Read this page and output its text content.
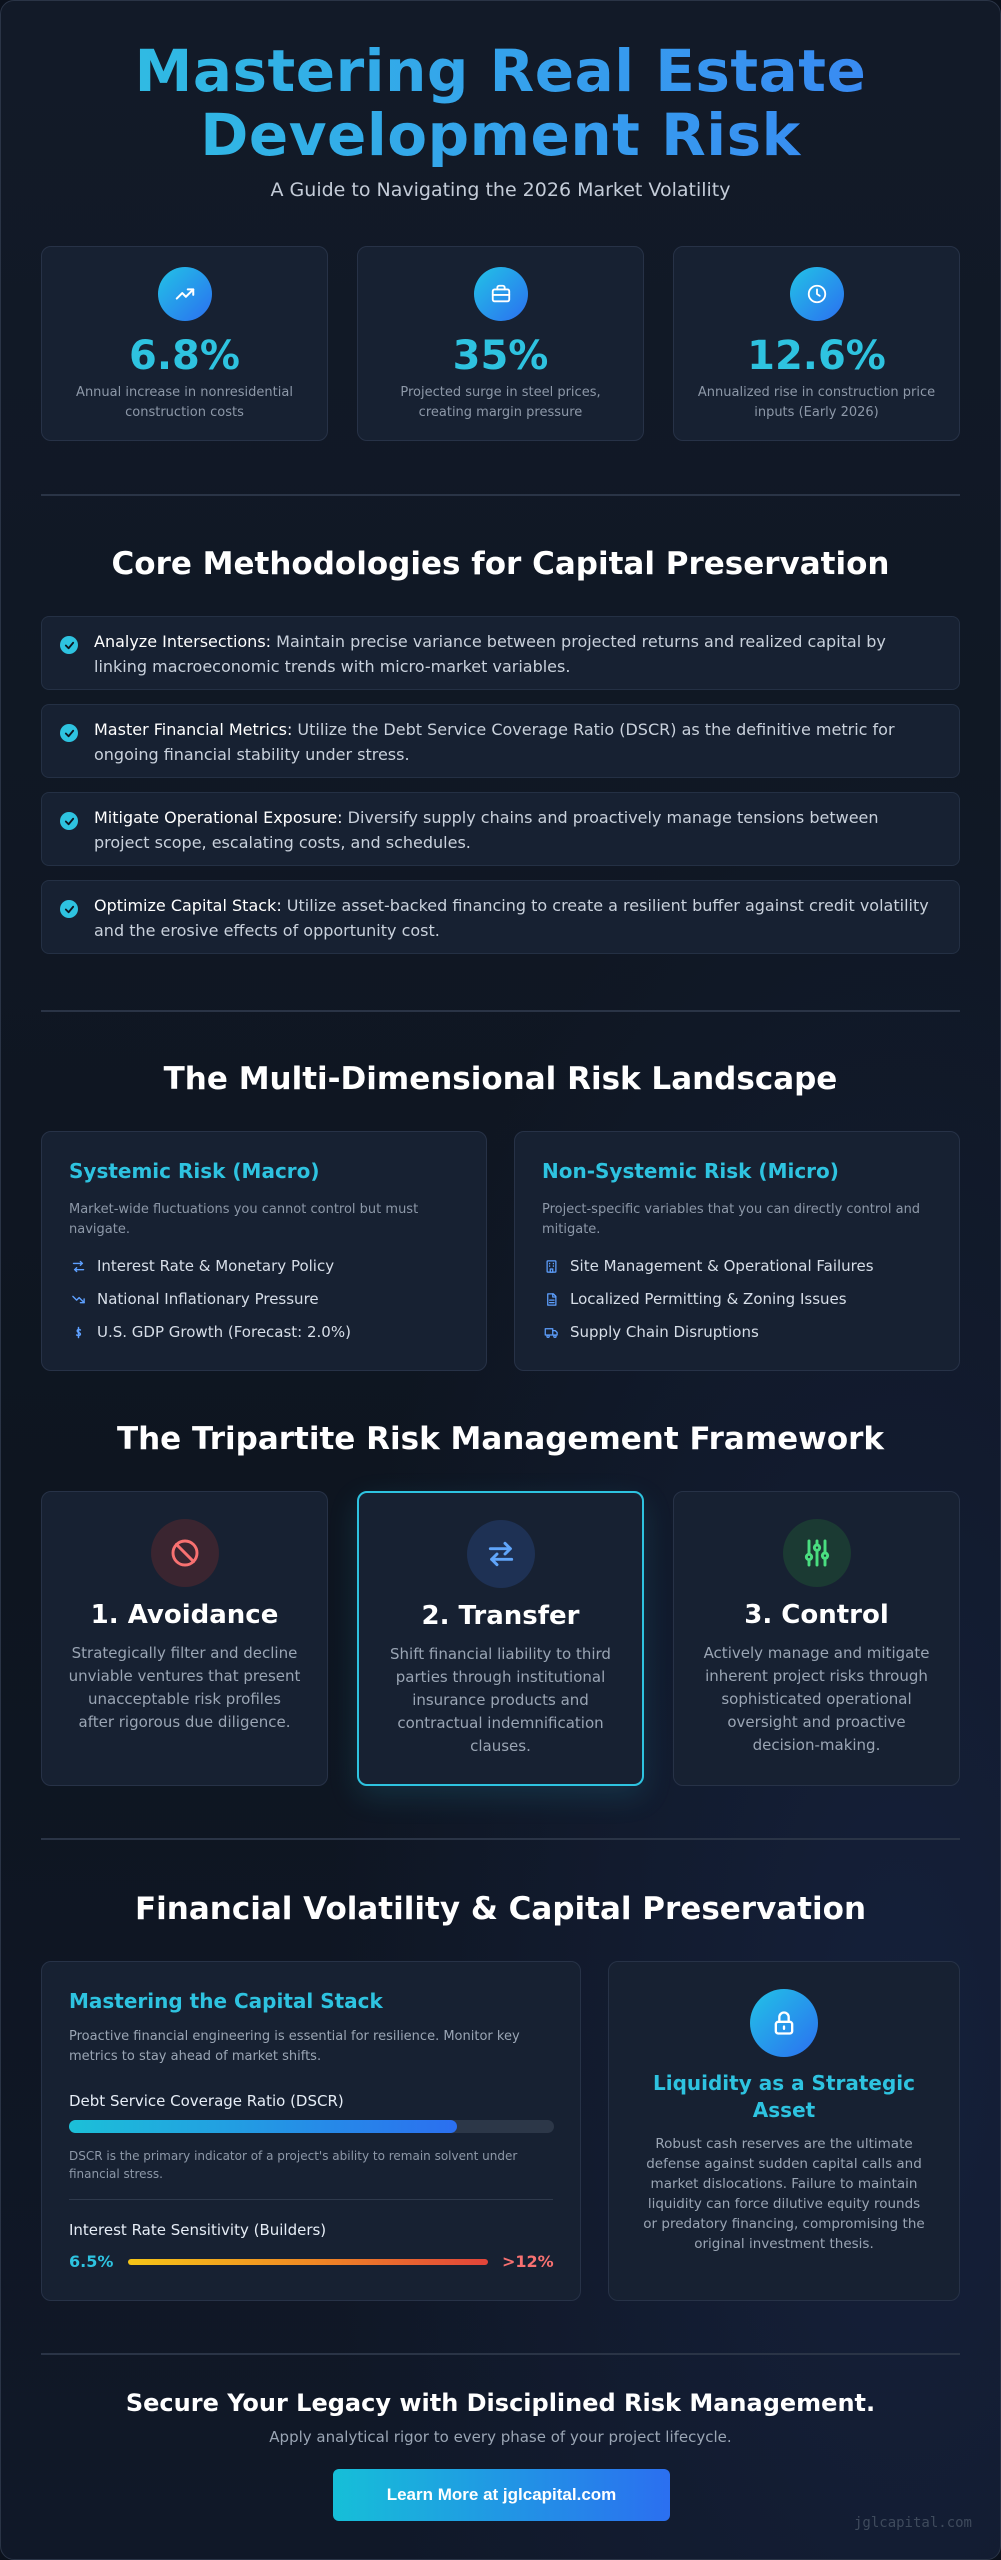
Mastering Real Estate
Development Risk
A Guide to Navigating the 2026 Market Volatility
6.8%
Annual increase in nonresidential construction costs
35%
Projected surge in steel prices, creating margin pressure
12.6%
Annualized rise in construction price inputs (Early 2026)
Core Methodologies for Capital Preservation
Analyze Intersections: Maintain precise variance between projected returns and realized capital by linking macroeconomic trends with micro-market variables.
Master Financial Metrics: Utilize the Debt Service Coverage Ratio (DSCR) as the definitive metric for ongoing financial stability under stress.
Mitigate Operational Exposure: Diversify supply chains and proactively manage tensions between project scope, escalating costs, and schedules.
Optimize Capital Stack: Utilize asset-backed financing to create a resilient buffer against credit volatility and the erosive effects of opportunity cost.
The Multi-Dimensional Risk Landscape
Systemic Risk (Macro)
Market-wide fluctuations you cannot control but must navigate.
Interest Rate & Monetary Policy
National Inflationary Pressure
U.S. GDP Growth (Forecast: 2.0%)
Non-Systemic Risk (Micro)
Project-specific variables that you can directly control and mitigate.
Site Management & Operational Failures
Localized Permitting & Zoning Issues
Supply Chain Disruptions
The Tripartite Risk Management Framework
1. Avoidance
Strategically filter and decline unviable ventures that present unacceptable risk profiles after rigorous due diligence.
2. Transfer
Shift financial liability to third parties through institutional insurance products and contractual indemnification clauses.
3. Control
Actively manage and mitigate inherent project risks through sophisticated operational oversight and proactive decision-making.
Financial Volatility & Capital Preservation
Mastering the Capital Stack
Proactive financial engineering is essential for resilience. Monitor key metrics to stay ahead of market shifts.
Debt Service Coverage Ratio (DSCR)
DSCR is the primary indicator of a project's ability to remain solvent under financial stress.
Interest Rate Sensitivity (Builders)
6.5%	>12%
Liquidity as a Strategic Asset
Robust cash reserves are the ultimate defense against sudden capital calls and market dislocations. Failure to maintain liquidity can force dilutive equity rounds or predatory financing, compromising the original investment thesis.
Secure Your Legacy with Disciplined Risk Management.
Apply analytical rigor to every phase of your project lifecycle.
Learn More at jglcapital.com
jglcapital.com
